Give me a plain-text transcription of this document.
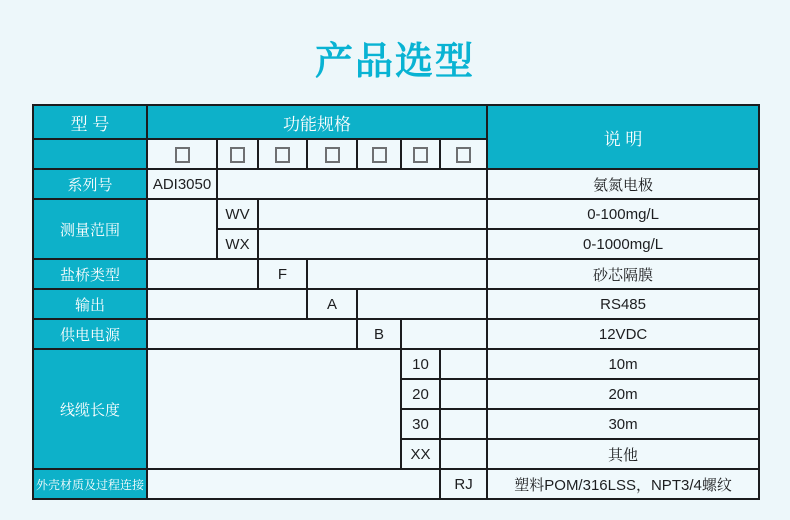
产品选型
型 号	功能规格							说 明

系列号	ADI3050							氨氮电极
测量范围		WV						0-100mg/L
		WX						0-1000mg/L
盐桥类型			F					砂芯隔膜
输出				A				RS485
供电电源					B			12VDC
线缆长度						10		10m
						20		20m
						30		30m
						XX		其他
外壳材质及过程连接							RJ	塑料POM/316LSS，NPT3/4螺纹
